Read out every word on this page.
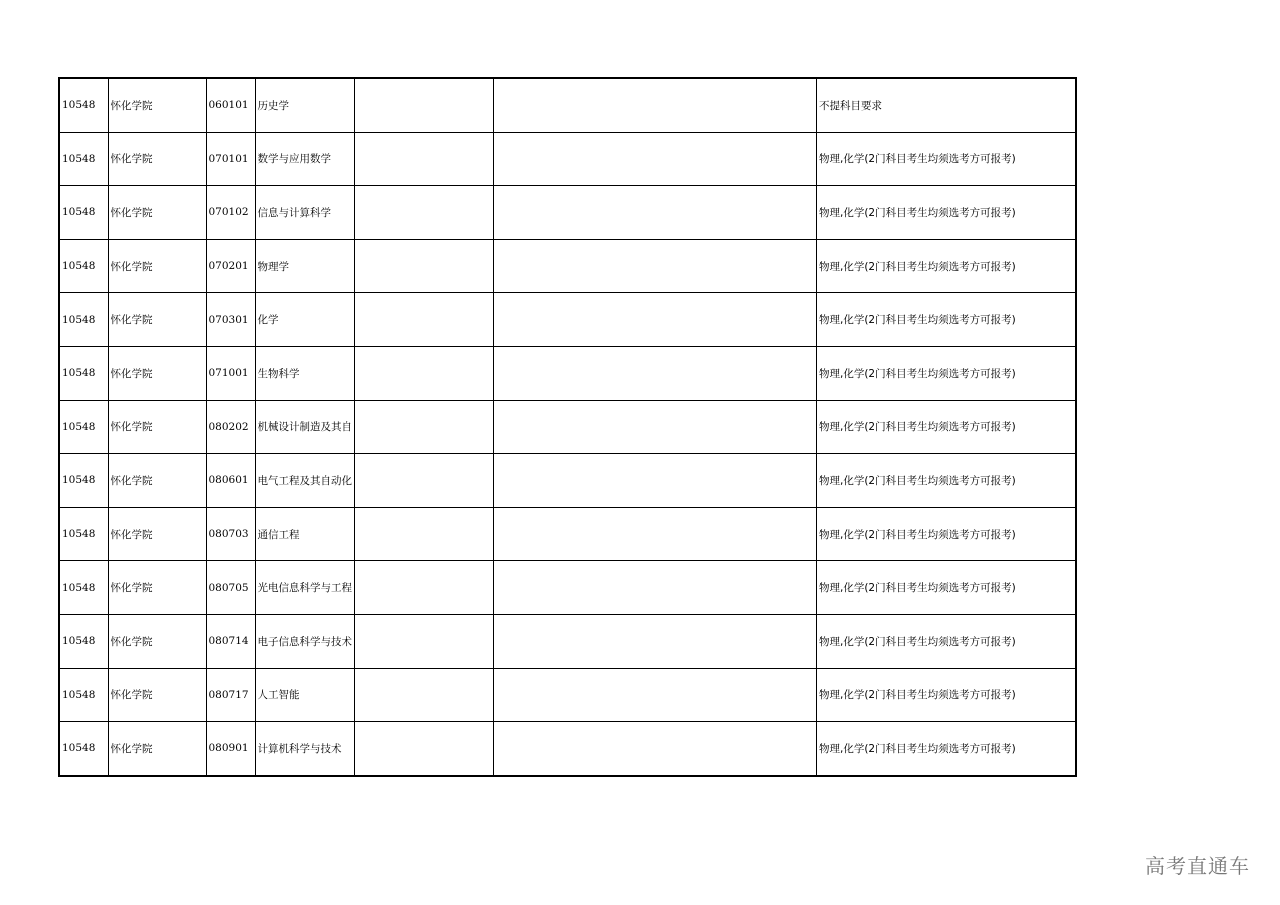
10548	怀化学院	060101	历史学			不提科目要求
10548	怀化学院	070101	数学与应用数学			物理,化学(2门科目考生均须选考方可报考)
10548	怀化学院	070102	信息与计算科学			物理,化学(2门科目考生均须选考方可报考)
10548	怀化学院	070201	物理学			物理,化学(2门科目考生均须选考方可报考)
10548	怀化学院	070301	化学			物理,化学(2门科目考生均须选考方可报考)
10548	怀化学院	071001	生物科学			物理,化学(2门科目考生均须选考方可报考)
10548	怀化学院	080202	机械设计制造及其自			物理,化学(2门科目考生均须选考方可报考)
10548	怀化学院	080601	电气工程及其自动化			物理,化学(2门科目考生均须选考方可报考)
10548	怀化学院	080703	通信工程			物理,化学(2门科目考生均须选考方可报考)
10548	怀化学院	080705	光电信息科学与工程			物理,化学(2门科目考生均须选考方可报考)
10548	怀化学院	080714	电子信息科学与技术			物理,化学(2门科目考生均须选考方可报考)
10548	怀化学院	080717	人工智能			物理,化学(2门科目考生均须选考方可报考)
10548	怀化学院	080901	计算机科学与技术			物理,化学(2门科目考生均须选考方可报考)
高考直通车
